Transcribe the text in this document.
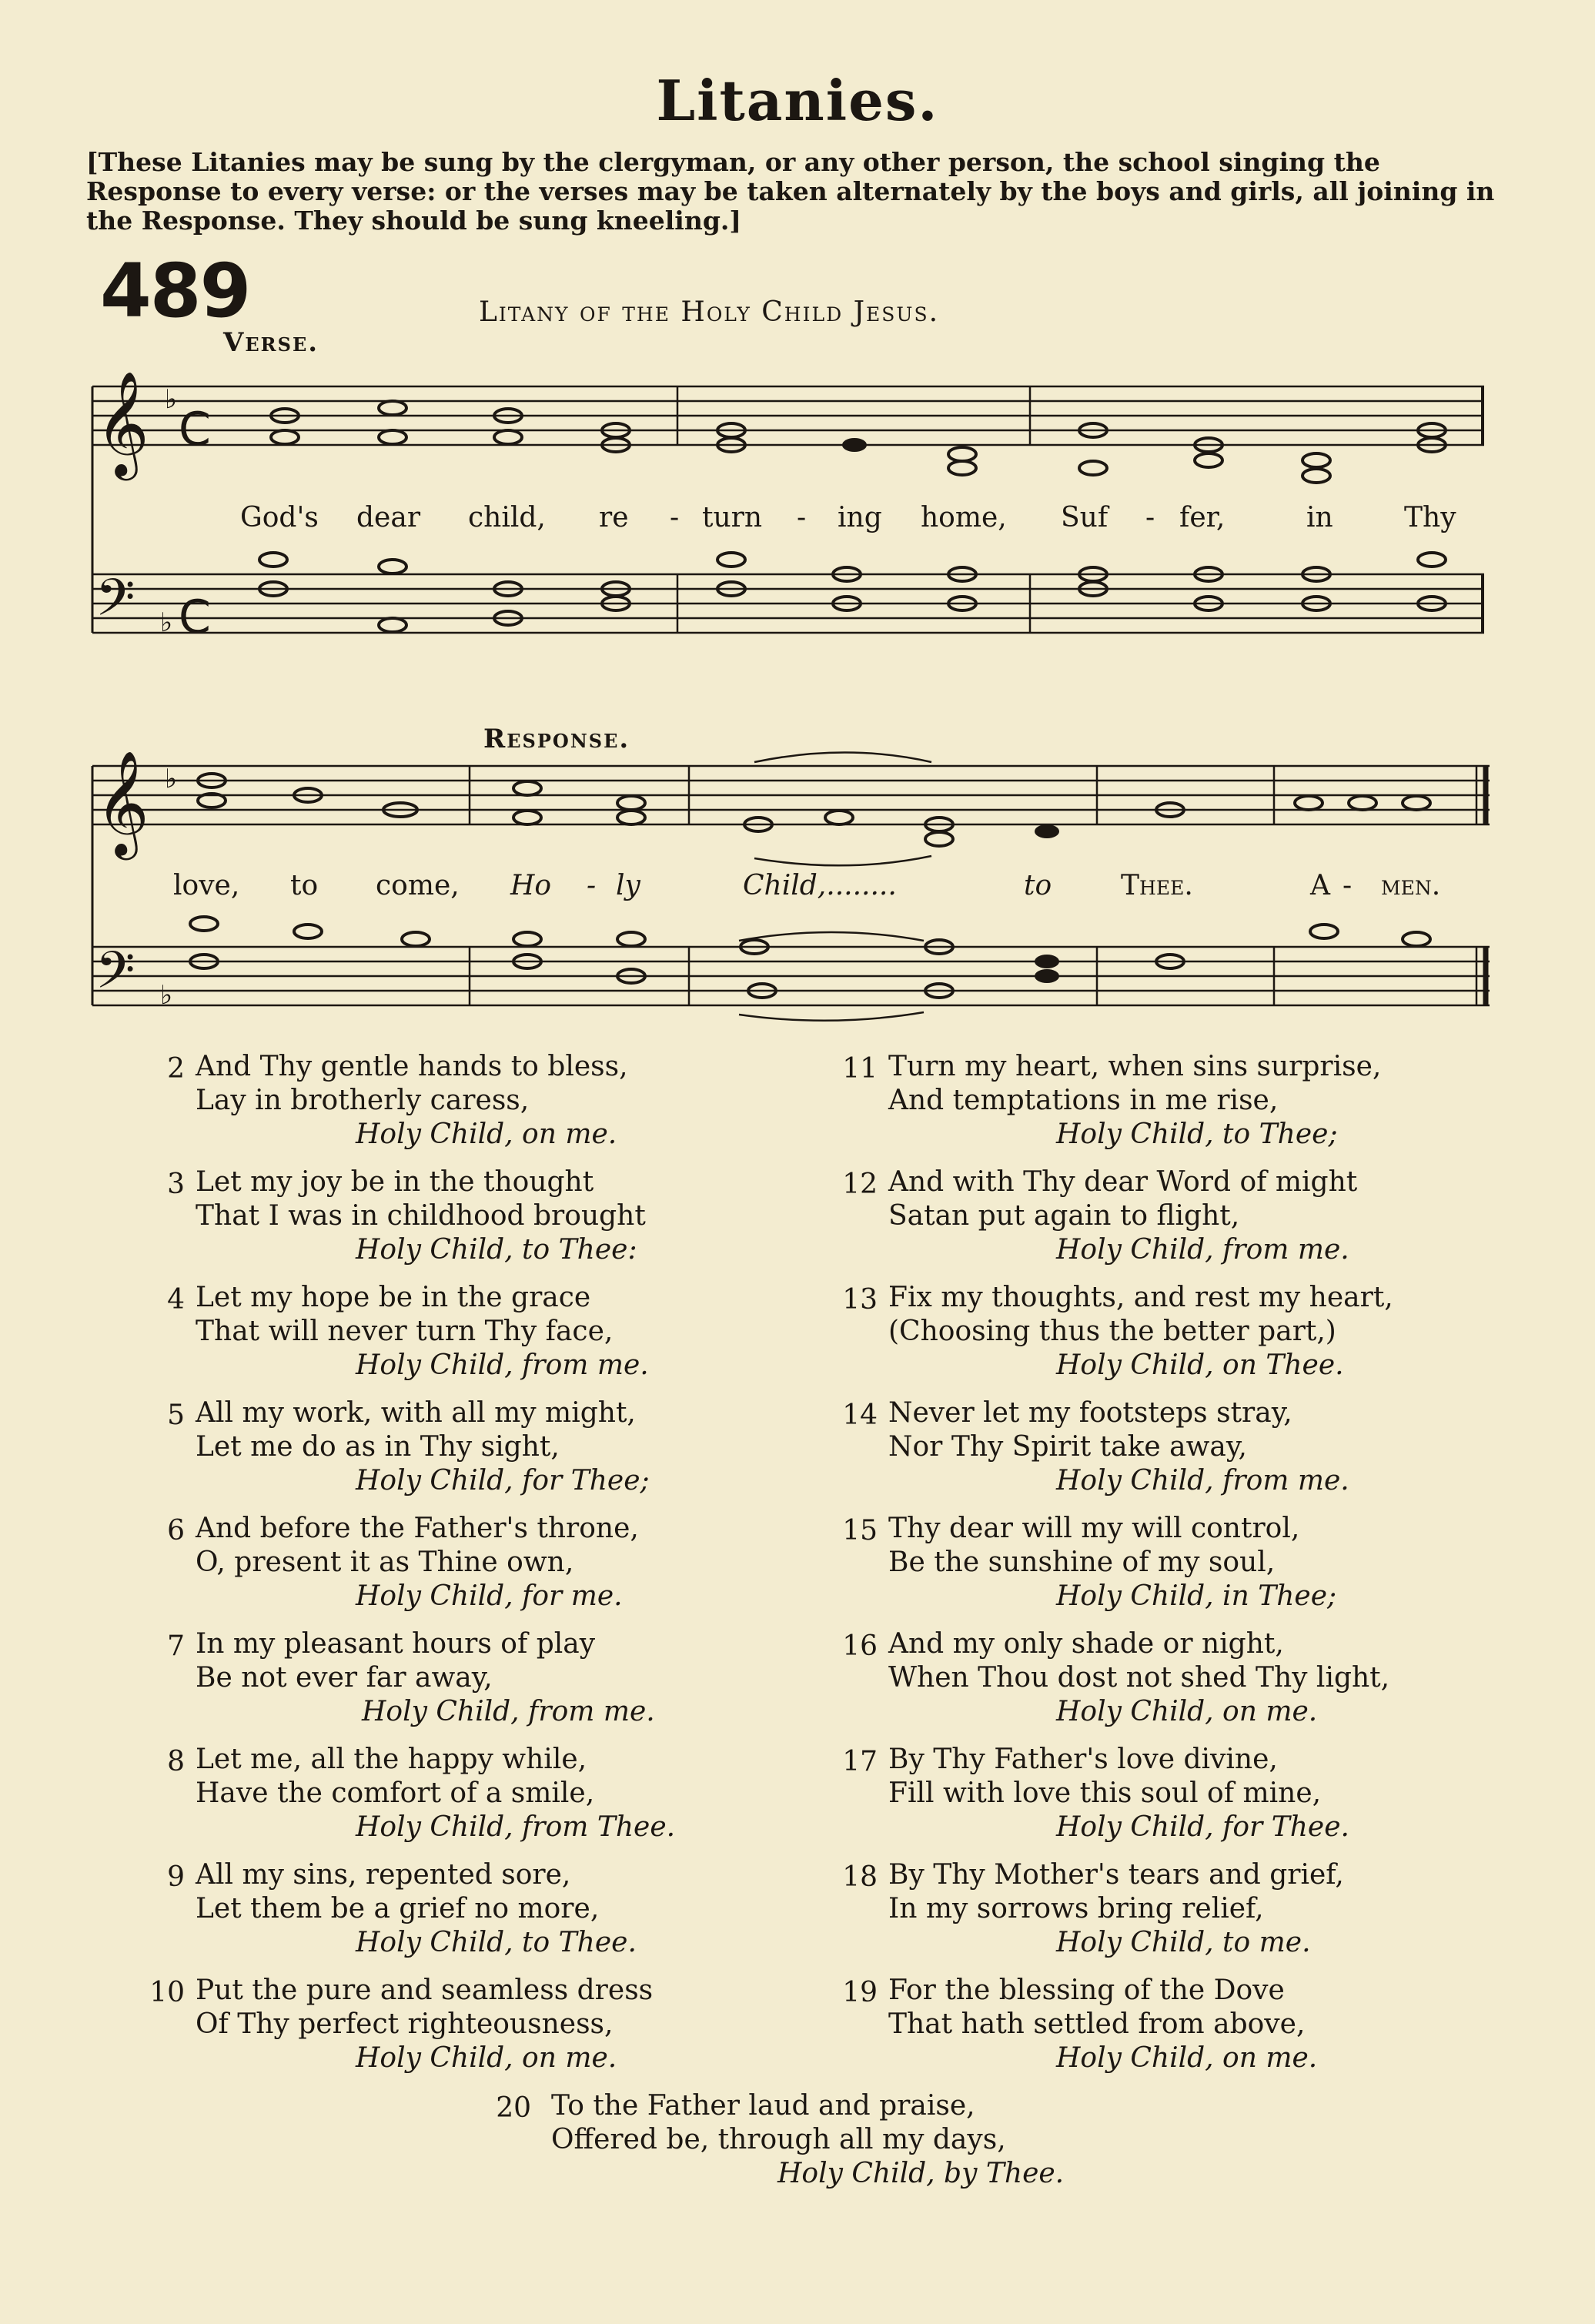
Litanies.
[These Litanies may be sung by the clergyman, or any other person, the school singing the Response to every verse: or the verses may be taken alternately by the boys and girls, all joining in the Response. They should be sung kneeling.]
489	Litany of the Holy Child Jesus.
Verse.
Response.
𝄞
𝄢
𝄞
𝄢
♭
♭
♭
♭
C
C
God's dear child, re - turn - ing home, Suf - fer,	in	Thy
love, to come, Ho - ly	Child,........	to Thee.	A - men.
2 And Thy gentle hands to bless,
Lay in brotherly caress,
Holy Child, on me.
3 Let my joy be in the thought
That I was in childhood brought
Holy Child, to Thee:
4 Let my hope be in the grace
That will never turn Thy face,
Holy Child, from me.
5 All my work, with all my might,
Let me do as in Thy sight,
Holy Child, for Thee;
6 And before the Father's throne,
O, present it as Thine own,
Holy Child, for me.
7 In my pleasant hours of play
Be not ever far away,
Holy Child, from me.
8 Let me, all the happy while,
Have the comfort of a smile,
Holy Child, from Thee.
9 All my sins, repented sore,
Let them be a grief no more,
Holy Child, to Thee.
10 Put the pure and seamless dress
Of Thy perfect righteousness,
Holy Child, on me.
11 Turn my heart, when sins surprise,
And temptations in me rise,
Holy Child, to Thee;
12 And with Thy dear Word of might
Satan put again to flight,
Holy Child, from me.
13 Fix my thoughts, and rest my heart,
(Choosing thus the better part,)
Holy Child, on Thee.
14 Never let my footsteps stray,
Nor Thy Spirit take away,
Holy Child, from me.
15 Thy dear will my will control,
Be the sunshine of my soul,
Holy Child, in Thee;
16 And my only shade or night,
When Thou dost not shed Thy light,
Holy Child, on me.
17 By Thy Father's love divine,
Fill with love this soul of mine,
Holy Child, for Thee.
18 By Thy Mother's tears and grief,
In my sorrows bring relief,
Holy Child, to me.
19 For the blessing of the Dove
That hath settled from above,
Holy Child, on me.
20 To the Father laud and praise,
Offered be, through all my days,
Holy Child, by Thee.
